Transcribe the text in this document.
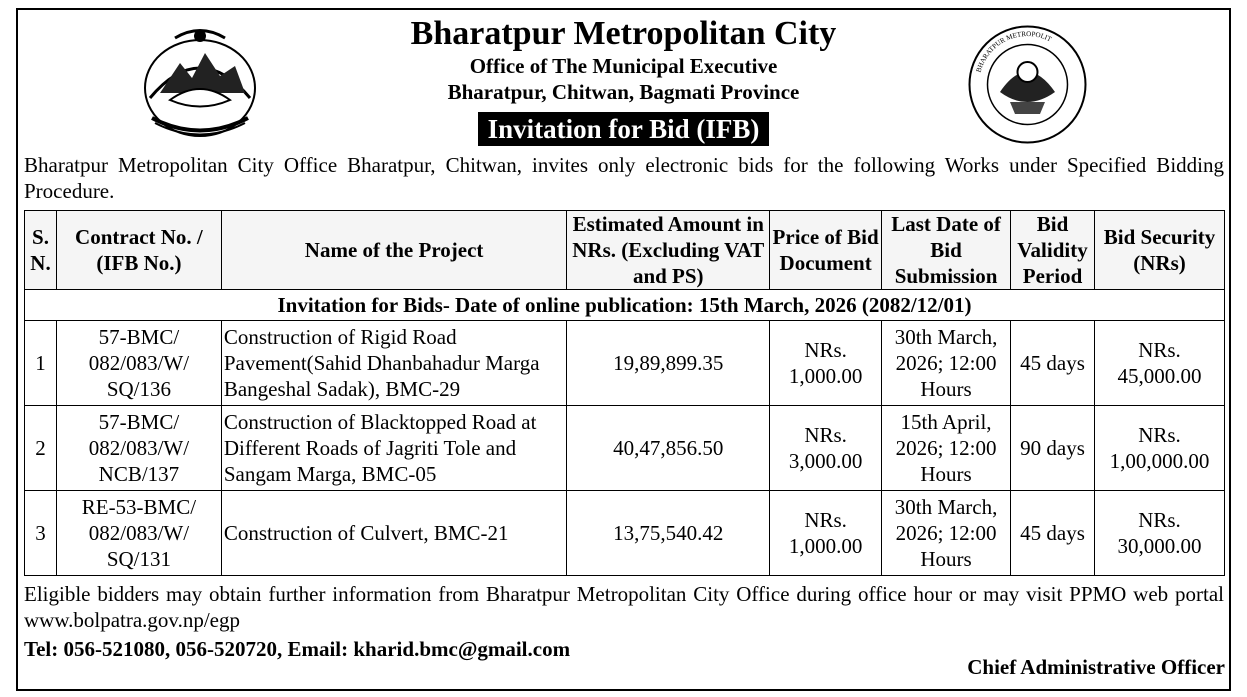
BHARATPUR METROPOLITAN
Bharatpur Metropolitan City
Office of The Municipal Executive
Bharatpur, Chitwan, Bagmati Province
Invitation for Bid (IFB)
Bharatpur Metropolitan City Office Bharatpur, Chitwan, invites only electronic bids for the following Works under Specified Bidding Procedure.
S. N.	Contract No. / (IFB No.)	Name of the Project	Estimated Amount in NRs. (Excluding VAT and PS)	Price of Bid Document	Last Date of Bid Submission	Bid Validity Period	Bid Security (NRs)
Invitation for Bids- Date of online publication: 15th March, 2026 (2082/12/01)							
1	57-BMC/ 082/083/W/ SQ/136	Construction of Rigid Road Pavement(Sahid Dhanbahadur Marga Bangeshal Sadak), BMC-29	19,89,899.35	NRs. 1,000.00	30th March, 2026; 12:00 Hours	45 days	NRs. 45,000.00
2	57-BMC/ 082/083/W/ NCB/137	Construction of Blacktopped Road at Different Roads of Jagriti Tole and Sangam Marga, BMC-05	40,47,856.50	NRs. 3,000.00	15th April, 2026; 12:00 Hours	90 days	NRs. 1,00,000.00
3	RE-53-BMC/ 082/083/W/ SQ/131	Construction of Culvert, BMC-21	13,75,540.42	NRs. 1,000.00	30th March, 2026; 12:00 Hours	45 days	NRs. 30,000.00
Eligible bidders may obtain further information from Bharatpur Metropolitan City Office during office hour or may visit PPMO web portal www.bolpatra.gov.np/egp
Tel: 056-521080, 056-520720, Email: kharid.bmc@gmail.com
Chief Administrative Officer
